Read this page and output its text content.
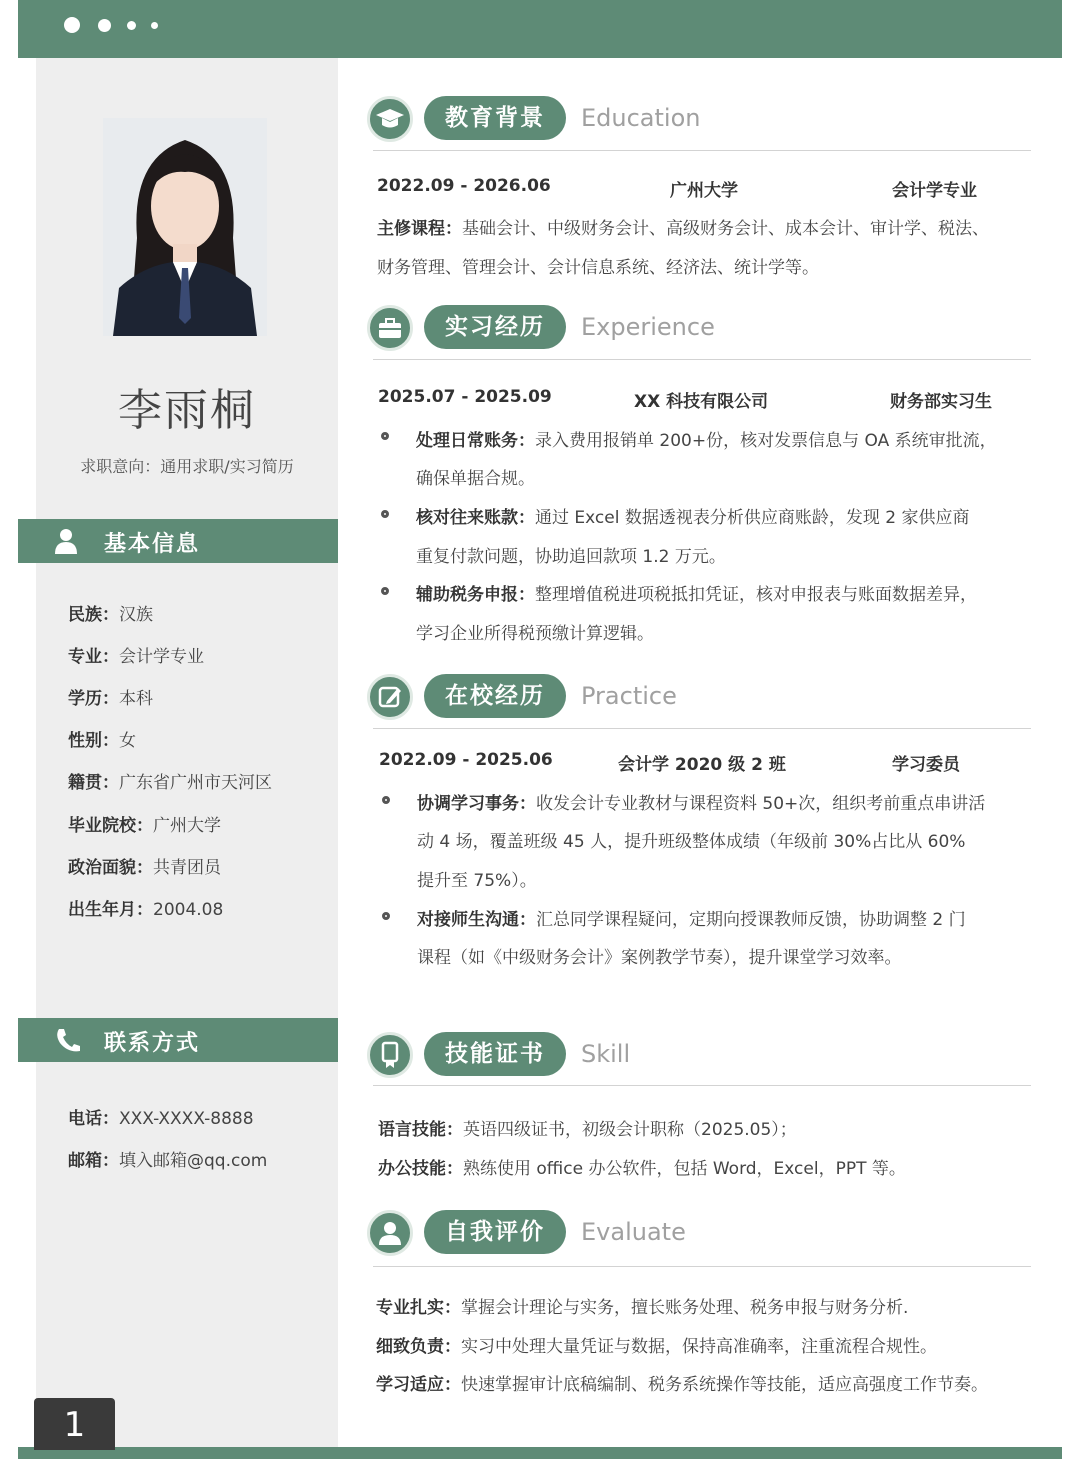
李雨桐
求职意向：通用求职/实习简历
基本信息
民族：汉族
专业：会计学专业
学历：本科
性别：女
籍贯：广东省广州市天河区
毕业院校：广州大学
政治面貌：共青团员
出生年月：2004.08
联系方式
电话：XXX-XXXX-8888
邮箱：填入邮箱@qq.com
1
教育背景	Education
2022.09 - 2026.06	广州大学	会计学专业
主修课程：基础会计、中级财务会计、高级财务会计、成本会计、审计学、税法、
财务管理、管理会计、会计信息系统、经济法、统计学等。
实习经历	Experience
2025.07 - 2025.09	XX 科技有限公司	财务部实习生
处理日常账务：录入费用报销单 200+份，核对发票信息与 OA 系统审批流，
确保单据合规。
核对往来账款：通过 Excel 数据透视表分析供应商账龄，发现 2 家供应商
重复付款问题，协助追回款项 1.2 万元。
辅助税务申报：整理增值税进项税抵扣凭证，核对申报表与账面数据差异，
学习企业所得税预缴计算逻辑。
在校经历	Practice
2022.09 - 2025.06	会计学 2020 级 2 班	学习委员
协调学习事务：收发会计专业教材与课程资料 50+次，组织考前重点串讲活
动 4 场，覆盖班级 45 人，提升班级整体成绩（年级前 30%占比从 60%
提升至 75%）。
对接师生沟通：汇总同学课程疑问，定期向授课教师反馈，协助调整 2 门
课程（如《中级财务会计》案例教学节奏），提升课堂学习效率。
技能证书	Skill
语言技能：英语四级证书，初级会计职称（2025.05）；
办公技能：熟练使用 office 办公软件，包括 Word，Excel，PPT 等。
自我评价	Evaluate
专业扎实：掌握会计理论与实务，擅长账务处理、税务申报与财务分析.
细致负责：实习中处理大量凭证与数据，保持高准确率，注重流程合规性。
学习适应：快速掌握审计底稿编制、税务系统操作等技能，适应高强度工作节奏。
